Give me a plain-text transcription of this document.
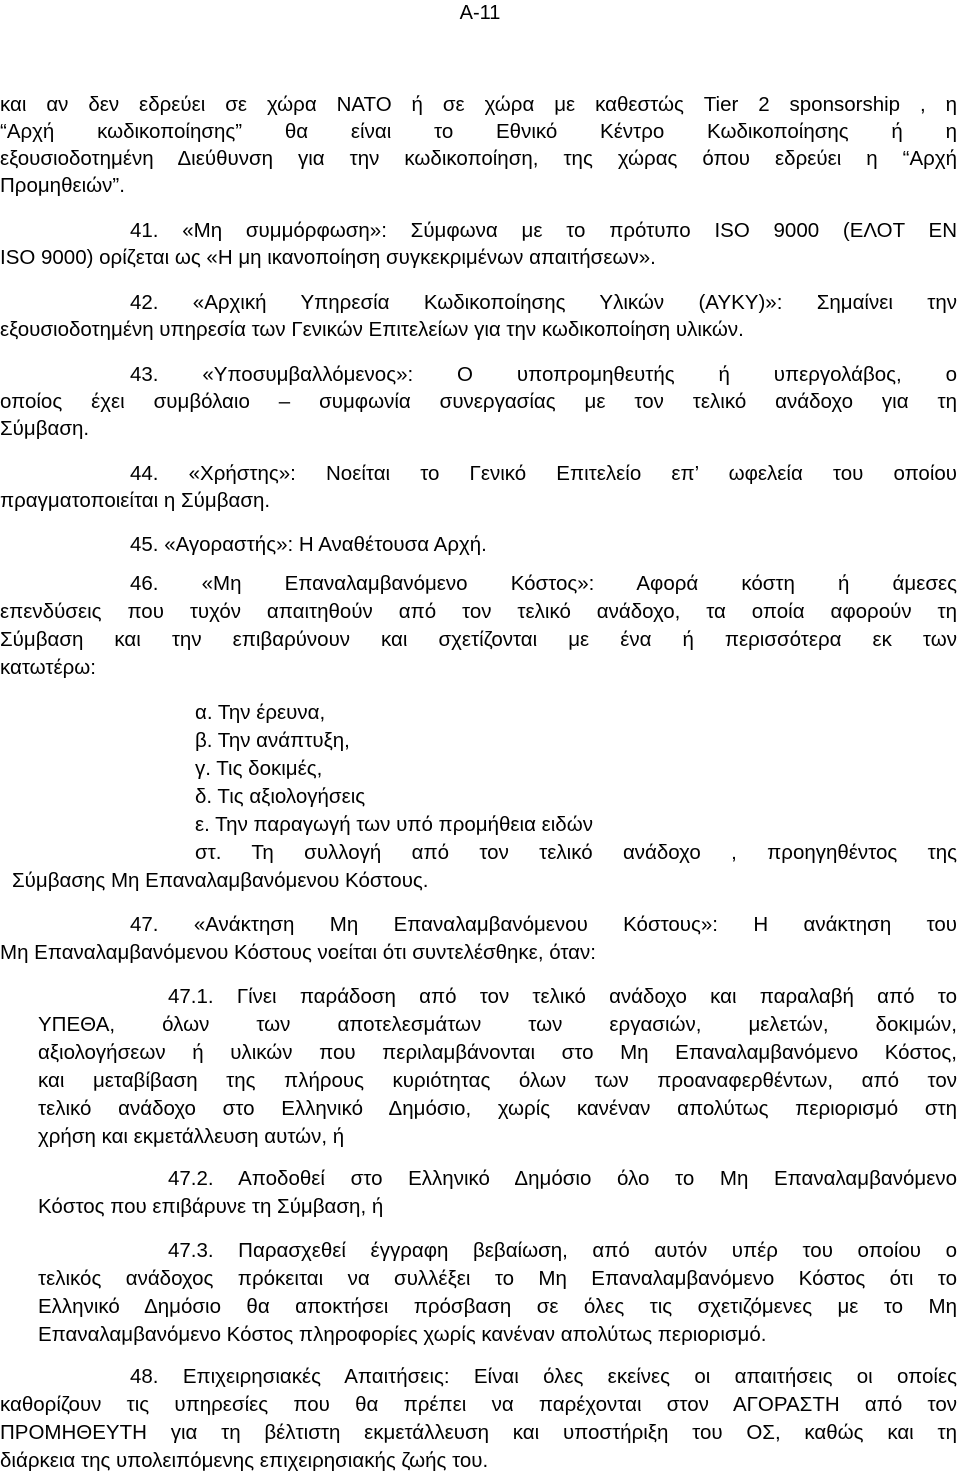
Α-11
και αν δεν εδρεύει σε χώρα ΝΑΤΟ ή σε χώρα με καθεστώς Tier 2 sponsorship , η
“Αρχή κωδικοποίησης” θα είναι το Εθνικό Κέντρο Κωδικοποίησης ή η
εξουσιοδοτημένη Διεύθυνση για την κωδικοποίηση, της χώρας όπου εδρεύει η “Αρχή
Προμηθειών”.
41. «Μη συμμόρφωση»: Σύμφωνα με το πρότυπο ISO 9000 (ΕΛΟΤ ΕΝ
ISO 9000) ορίζεται ως «Η μη ικανοποίηση συγκεκριμένων απαιτήσεων».
42. «Αρχική Υπηρεσία Κωδικοποίησης Υλικών (ΑΥΚΥ)»: Σημαίνει την
εξουσιοδοτημένη υπηρεσία των Γενικών Επιτελείων για την κωδικοποίηση υλικών.
43. «Υποσυμβαλλόμενος»: Ο υποπρομηθευτής ή υπεργολάβος, ο
οποίος έχει συμβόλαιο – συμφωνία συνεργασίας με τον τελικό ανάδοχο για τη
Σύμβαση.
44. «Χρήστης»: Νοείται το Γενικό Επιτελείο επ’ ωφελεία του οποίου
πραγματοποιείται η Σύμβαση.
45. «Αγοραστής»: Η Αναθέτουσα Αρχή.
46. «Μη Επαναλαμβανόμενο Κόστος»: Αφορά κόστη ή άμεσες
επενδύσεις που τυχόν απαιτηθούν από τον τελικό ανάδοχο, τα οποία αφορούν τη
Σύμβαση και την επιβαρύνουν και σχετίζονται με ένα ή περισσότερα εκ των
κατωτέρω:
α. Την έρευνα,
β. Την ανάπτυξη,
γ. Τις δοκιμές,
δ. Τις αξιολογήσεις
ε. Την παραγωγή των υπό προμήθεια ειδών
στ. Τη συλλογή από τον τελικό ανάδοχο , προηγηθέντος της
Σύμβασης Μη Επαναλαμβανόμενου Κόστους.
47. «Ανάκτηση Μη Επαναλαμβανόμενου Κόστους»: Η ανάκτηση του
Μη Επαναλαμβανόμενου Κόστους νοείται ότι συντελέσθηκε, όταν:
47.1. Γίνει παράδοση από τον τελικό ανάδοχο και παραλαβή από το
ΥΠΕΘΑ, όλων των αποτελεσμάτων των εργασιών, μελετών, δοκιμών,
αξιολογήσεων ή υλικών που περιλαμβάνονται στο Μη Επαναλαμβανόμενο Κόστος,
και μεταβίβαση της πλήρους κυριότητας όλων των προαναφερθέντων, από τον
τελικό ανάδοχο στο Ελληνικό Δημόσιο, χωρίς κανέναν απολύτως περιορισμό στη
χρήση και εκμετάλλευση αυτών, ή
47.2. Αποδοθεί στο Ελληνικό Δημόσιο όλο το Μη Επαναλαμβανόμενο
Κόστος που επιβάρυνε τη Σύμβαση, ή
47.3. Παρασχεθεί έγγραφη βεβαίωση, από αυτόν υπέρ του οποίου ο
τελικός ανάδοχος πρόκειται να συλλέξει το Μη Επαναλαμβανόμενο Κόστος ότι το
Ελληνικό Δημόσιο θα αποκτήσει πρόσβαση σε όλες τις σχετιζόμενες με το Μη
Επαναλαμβανόμενο Κόστος πληροφορίες χωρίς κανέναν απολύτως περιορισμό.
48. Επιχειρησιακές Απαιτήσεις: Είναι όλες εκείνες οι απαιτήσεις οι οποίες
καθορίζουν τις υπηρεσίες που θα πρέπει να παρέχονται στον ΑΓΟΡΑΣΤΗ από τον
ΠΡΟΜΗΘΕΥΤΗ για τη βέλτιστη εκμετάλλευση και υποστήριξη του ΟΣ, καθώς και τη
διάρκεια της υπολειπόμενης επιχειρησιακής ζωής του.
